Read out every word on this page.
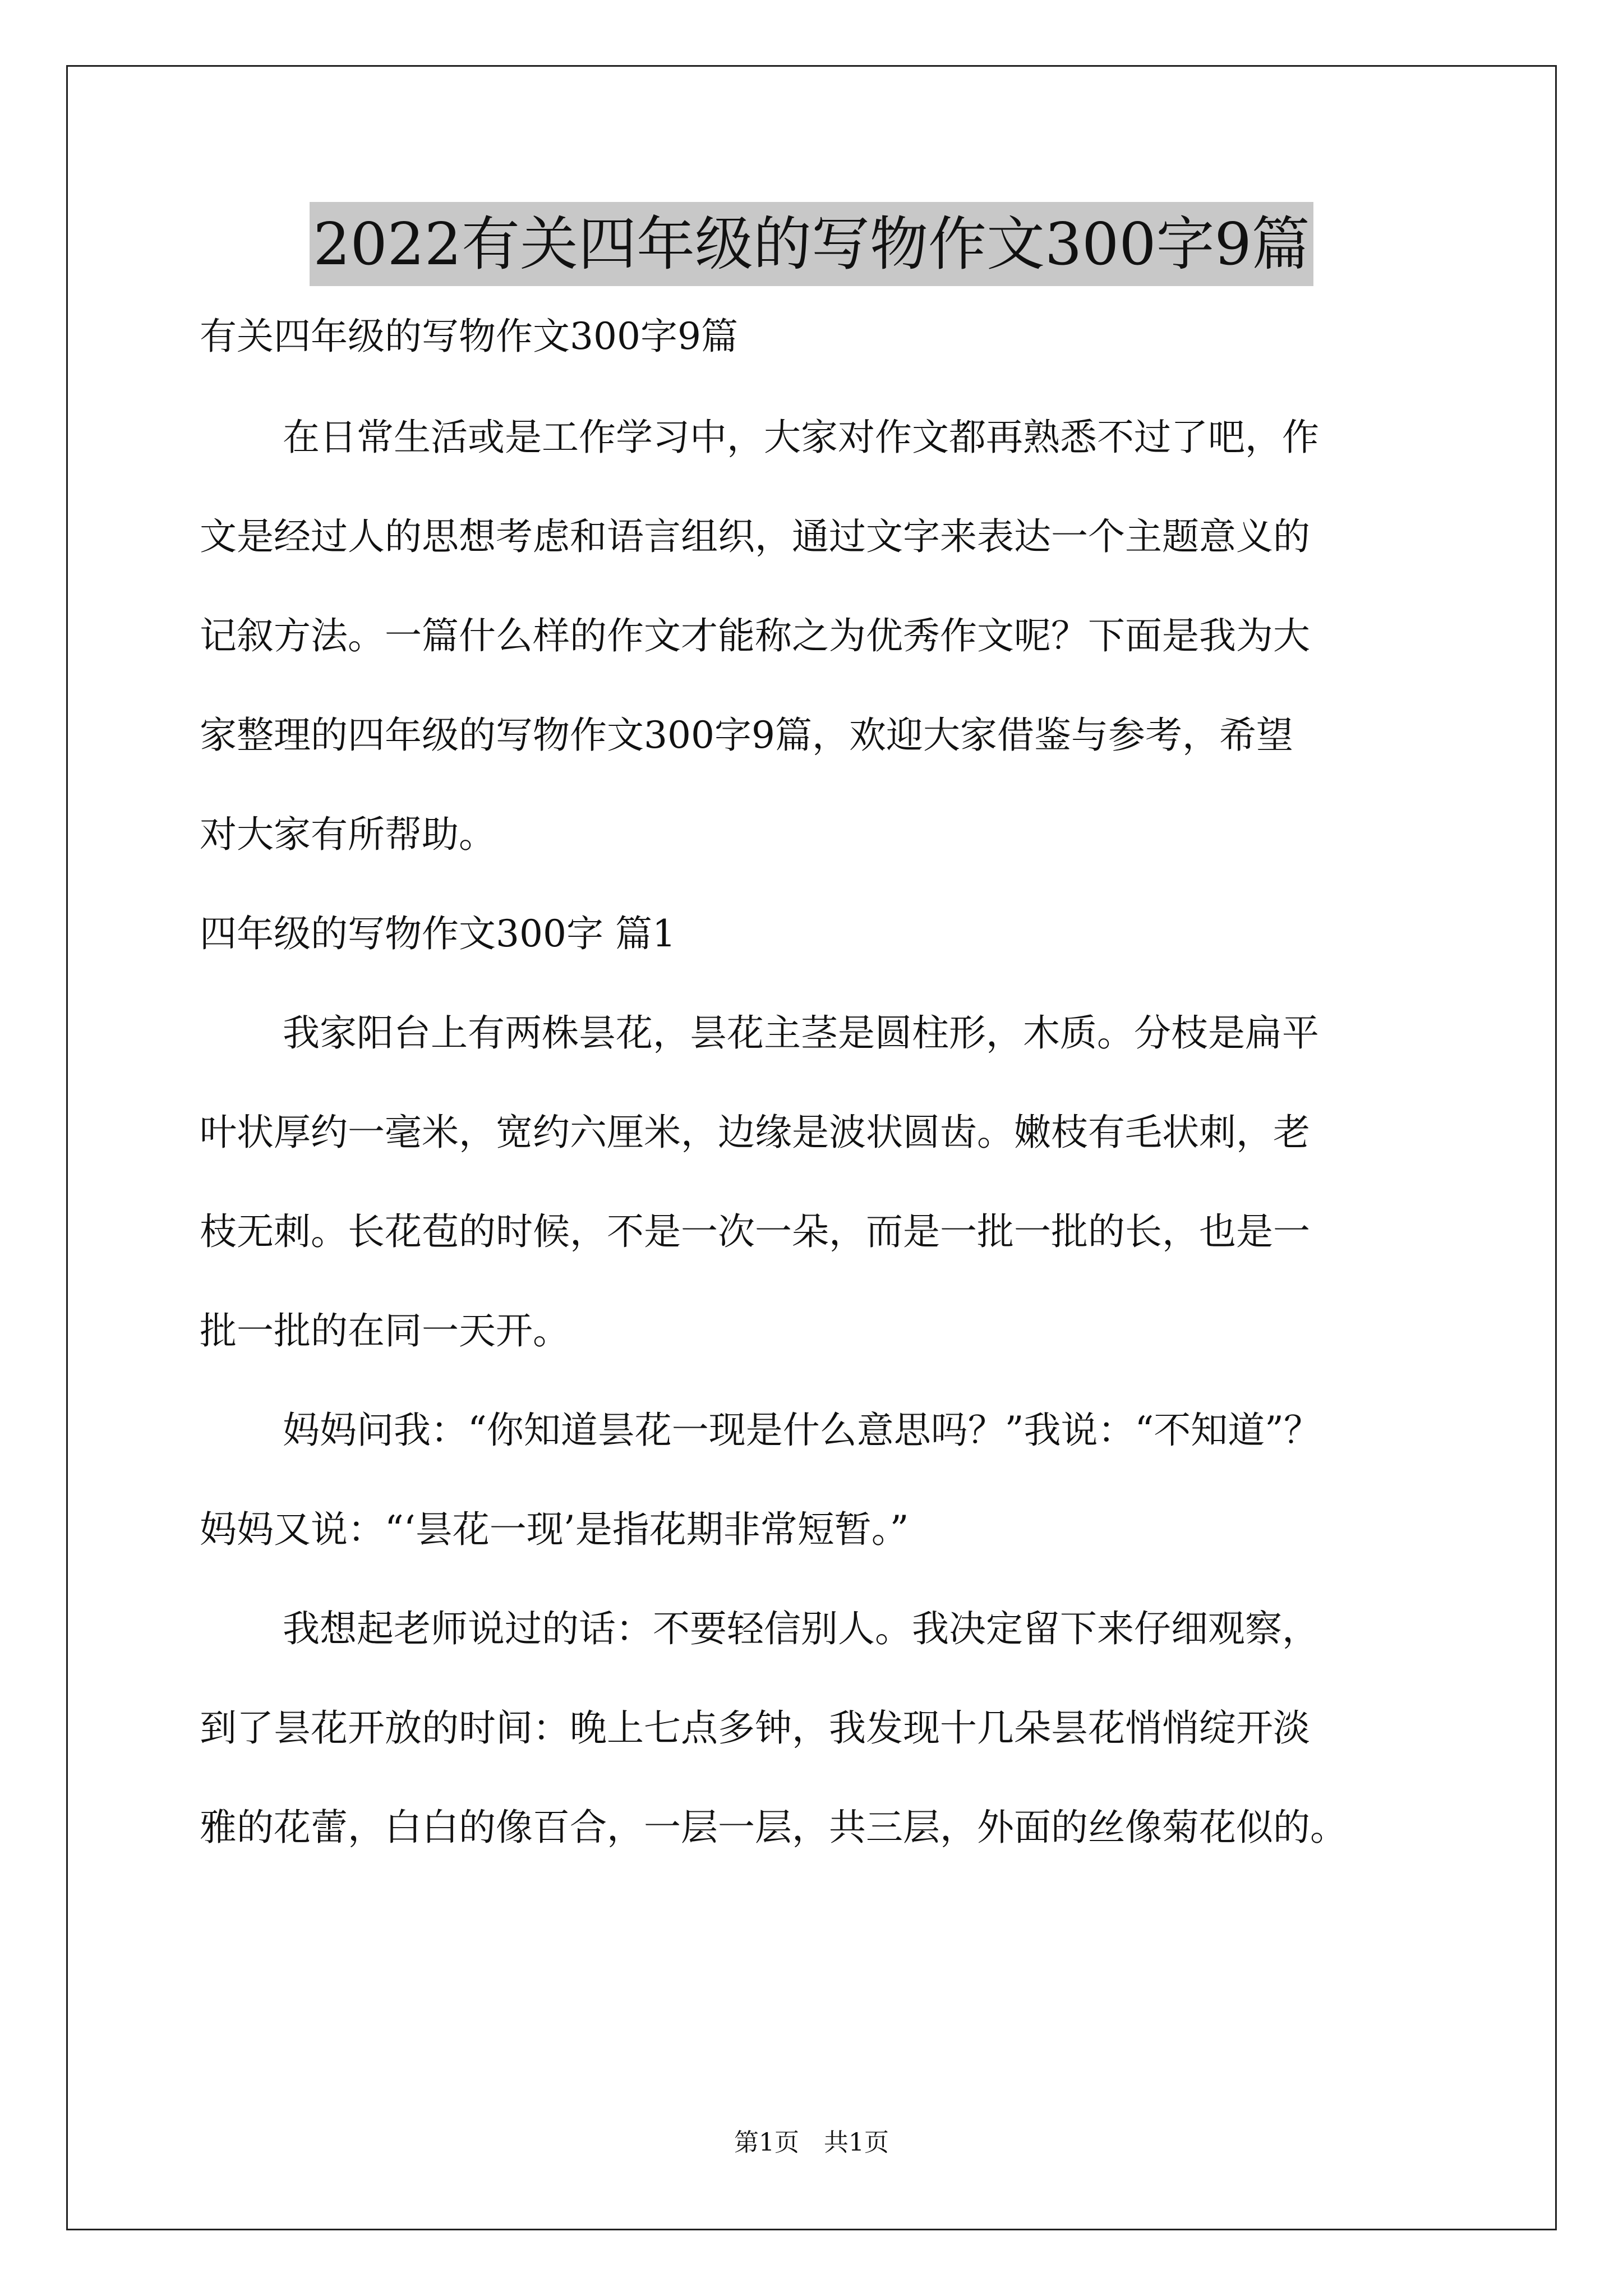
2022有关四年级的写物作文300字9篇
有关四年级的写物作文300字9篇
在日常生活或是工作学习中，大家对作文都再熟悉不过了吧，作
文是经过人的思想考虑和语言组织，通过文字来表达一个主题意义的
记叙方法。一篇什么样的作文才能称之为优秀作文呢？下面是我为大
家整理的四年级的写物作文300字9篇，欢迎大家借鉴与参考，希望
对大家有所帮助。
四年级的写物作文300字 篇1
我家阳台上有两株昙花，昙花主茎是圆柱形，木质。分枝是扁平
叶状厚约一毫米，宽约六厘米，边缘是波状圆齿。嫩枝有毛状刺，老
枝无刺。长花苞的时候，不是一次一朵，而是一批一批的长，也是一
批一批的在同一天开。
妈妈问我：“你知道昙花一现是什么意思吗？”我说：“不知道”？
妈妈又说：“‘昙花一现’是指花期非常短暂。”
我想起老师说过的话：不要轻信别人。我决定留下来仔细观察，
到了昙花开放的时间：晚上七点多钟，我发现十几朵昙花悄悄绽开淡
雅的花蕾，白白的像百合，一层一层，共三层，外面的丝像菊花似的。
第1页　共1页
